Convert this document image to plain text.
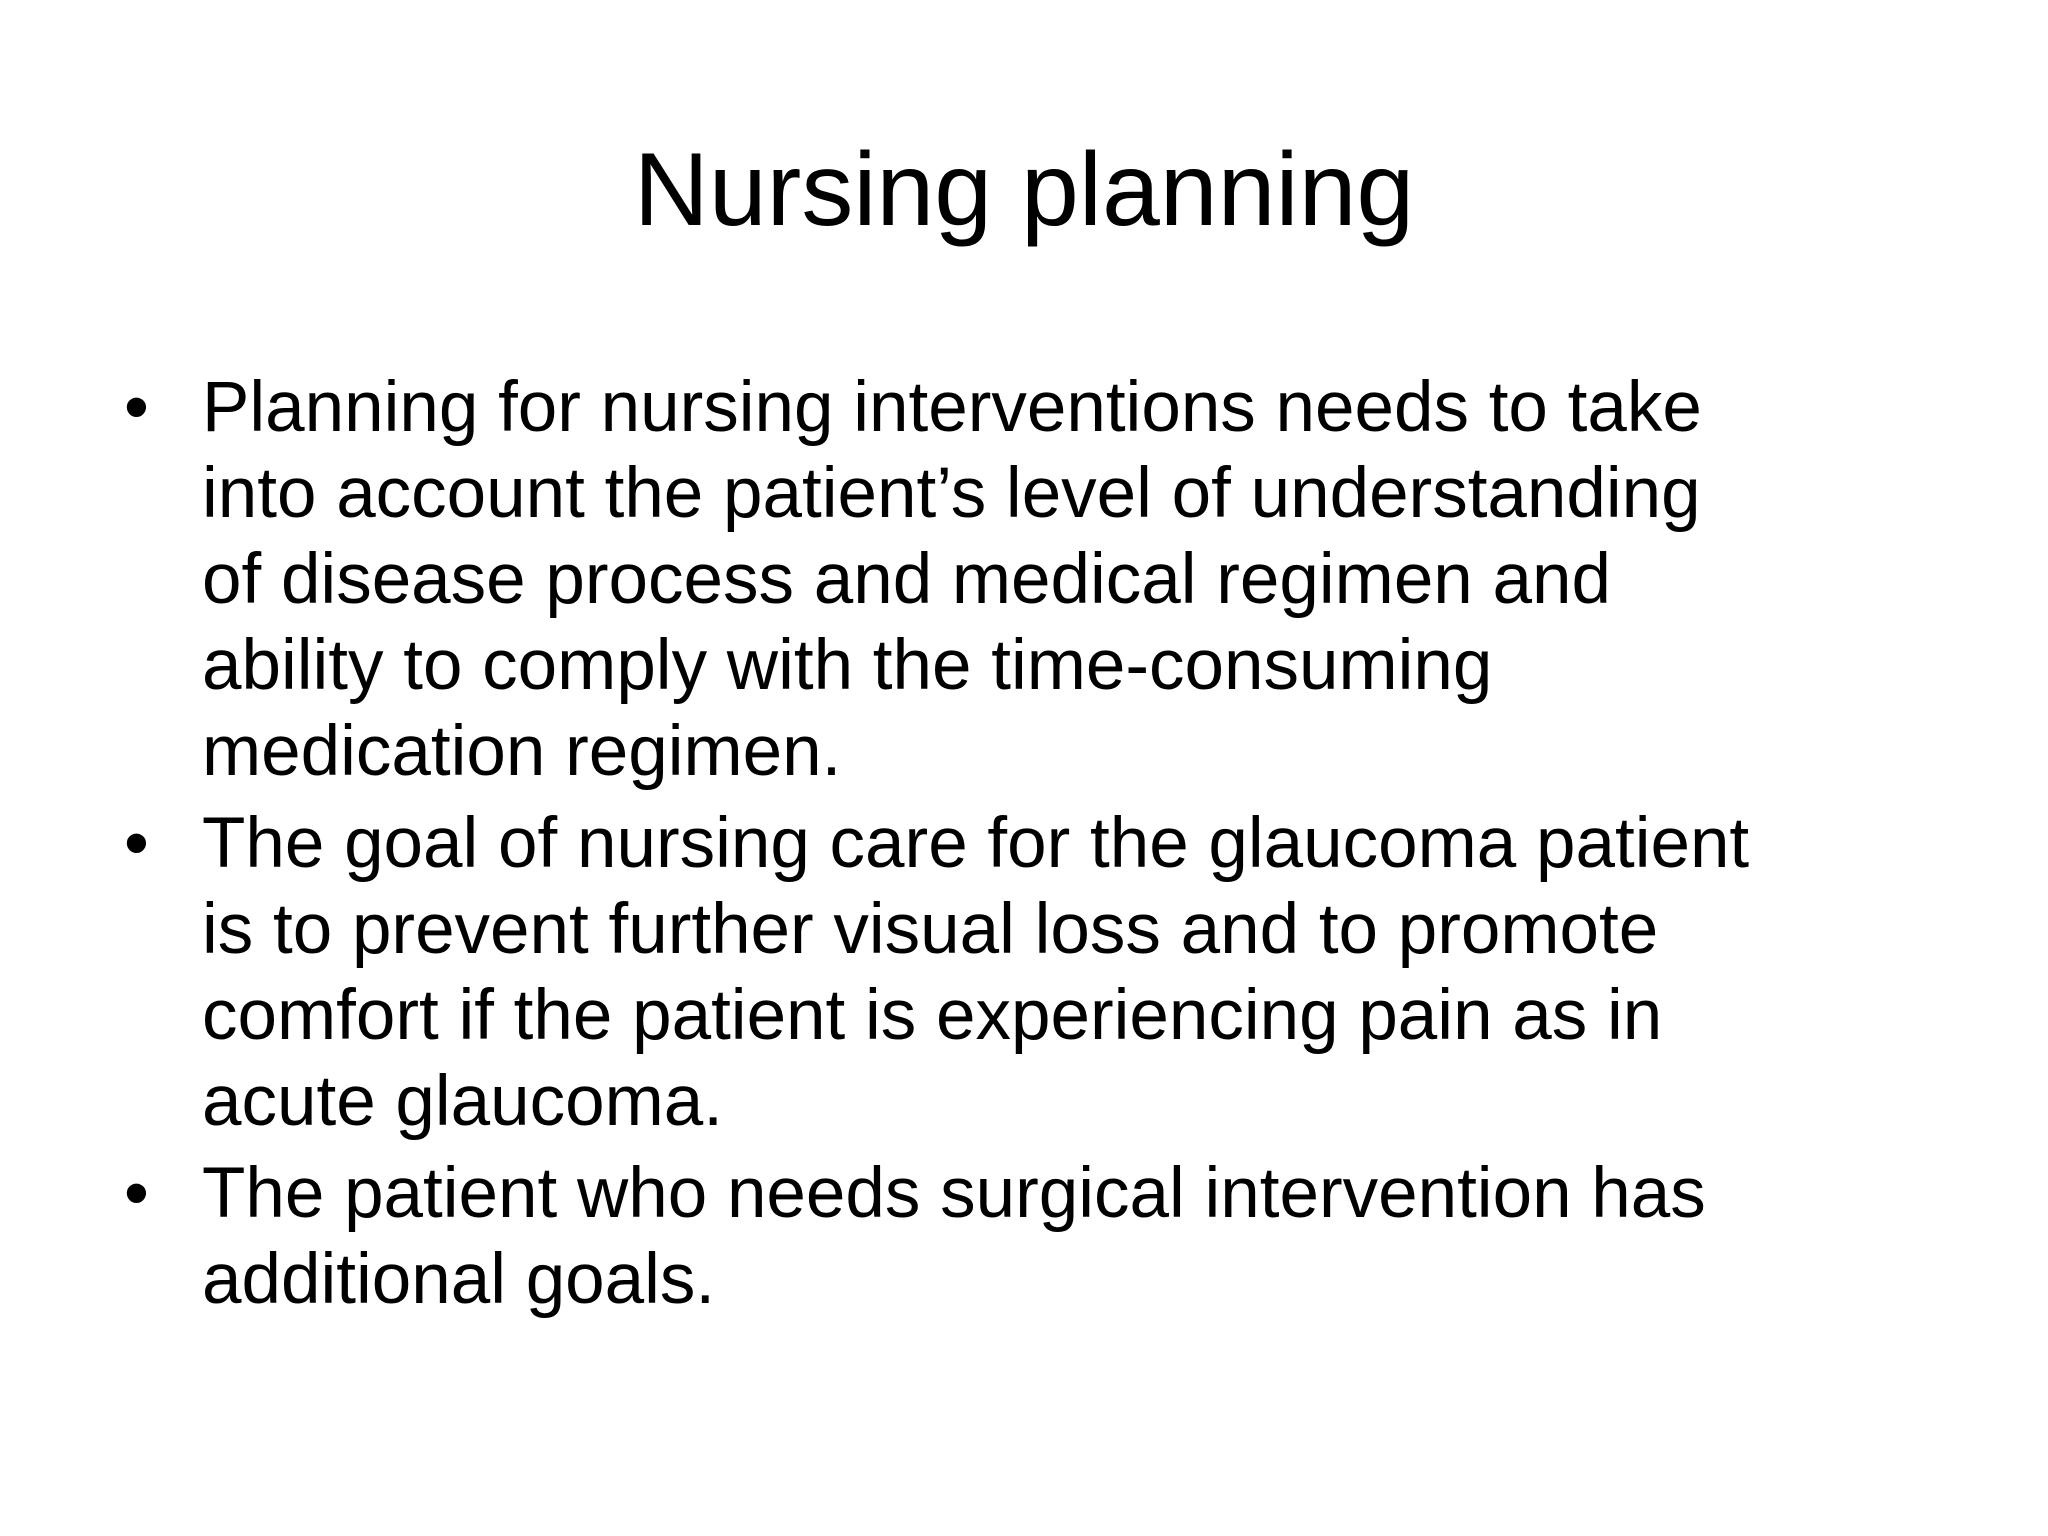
Nursing planning
• Planning for nursing interventions needs to take
into account the patient’s level of understanding
of disease process and medical regimen and
ability to comply with the time-consuming
medication regimen.
• The goal of nursing care for the glaucoma patient
is to prevent further visual loss and to promote
comfort if the patient is experiencing pain as in
acute glaucoma.
• The patient who needs surgical intervention has
additional goals.
